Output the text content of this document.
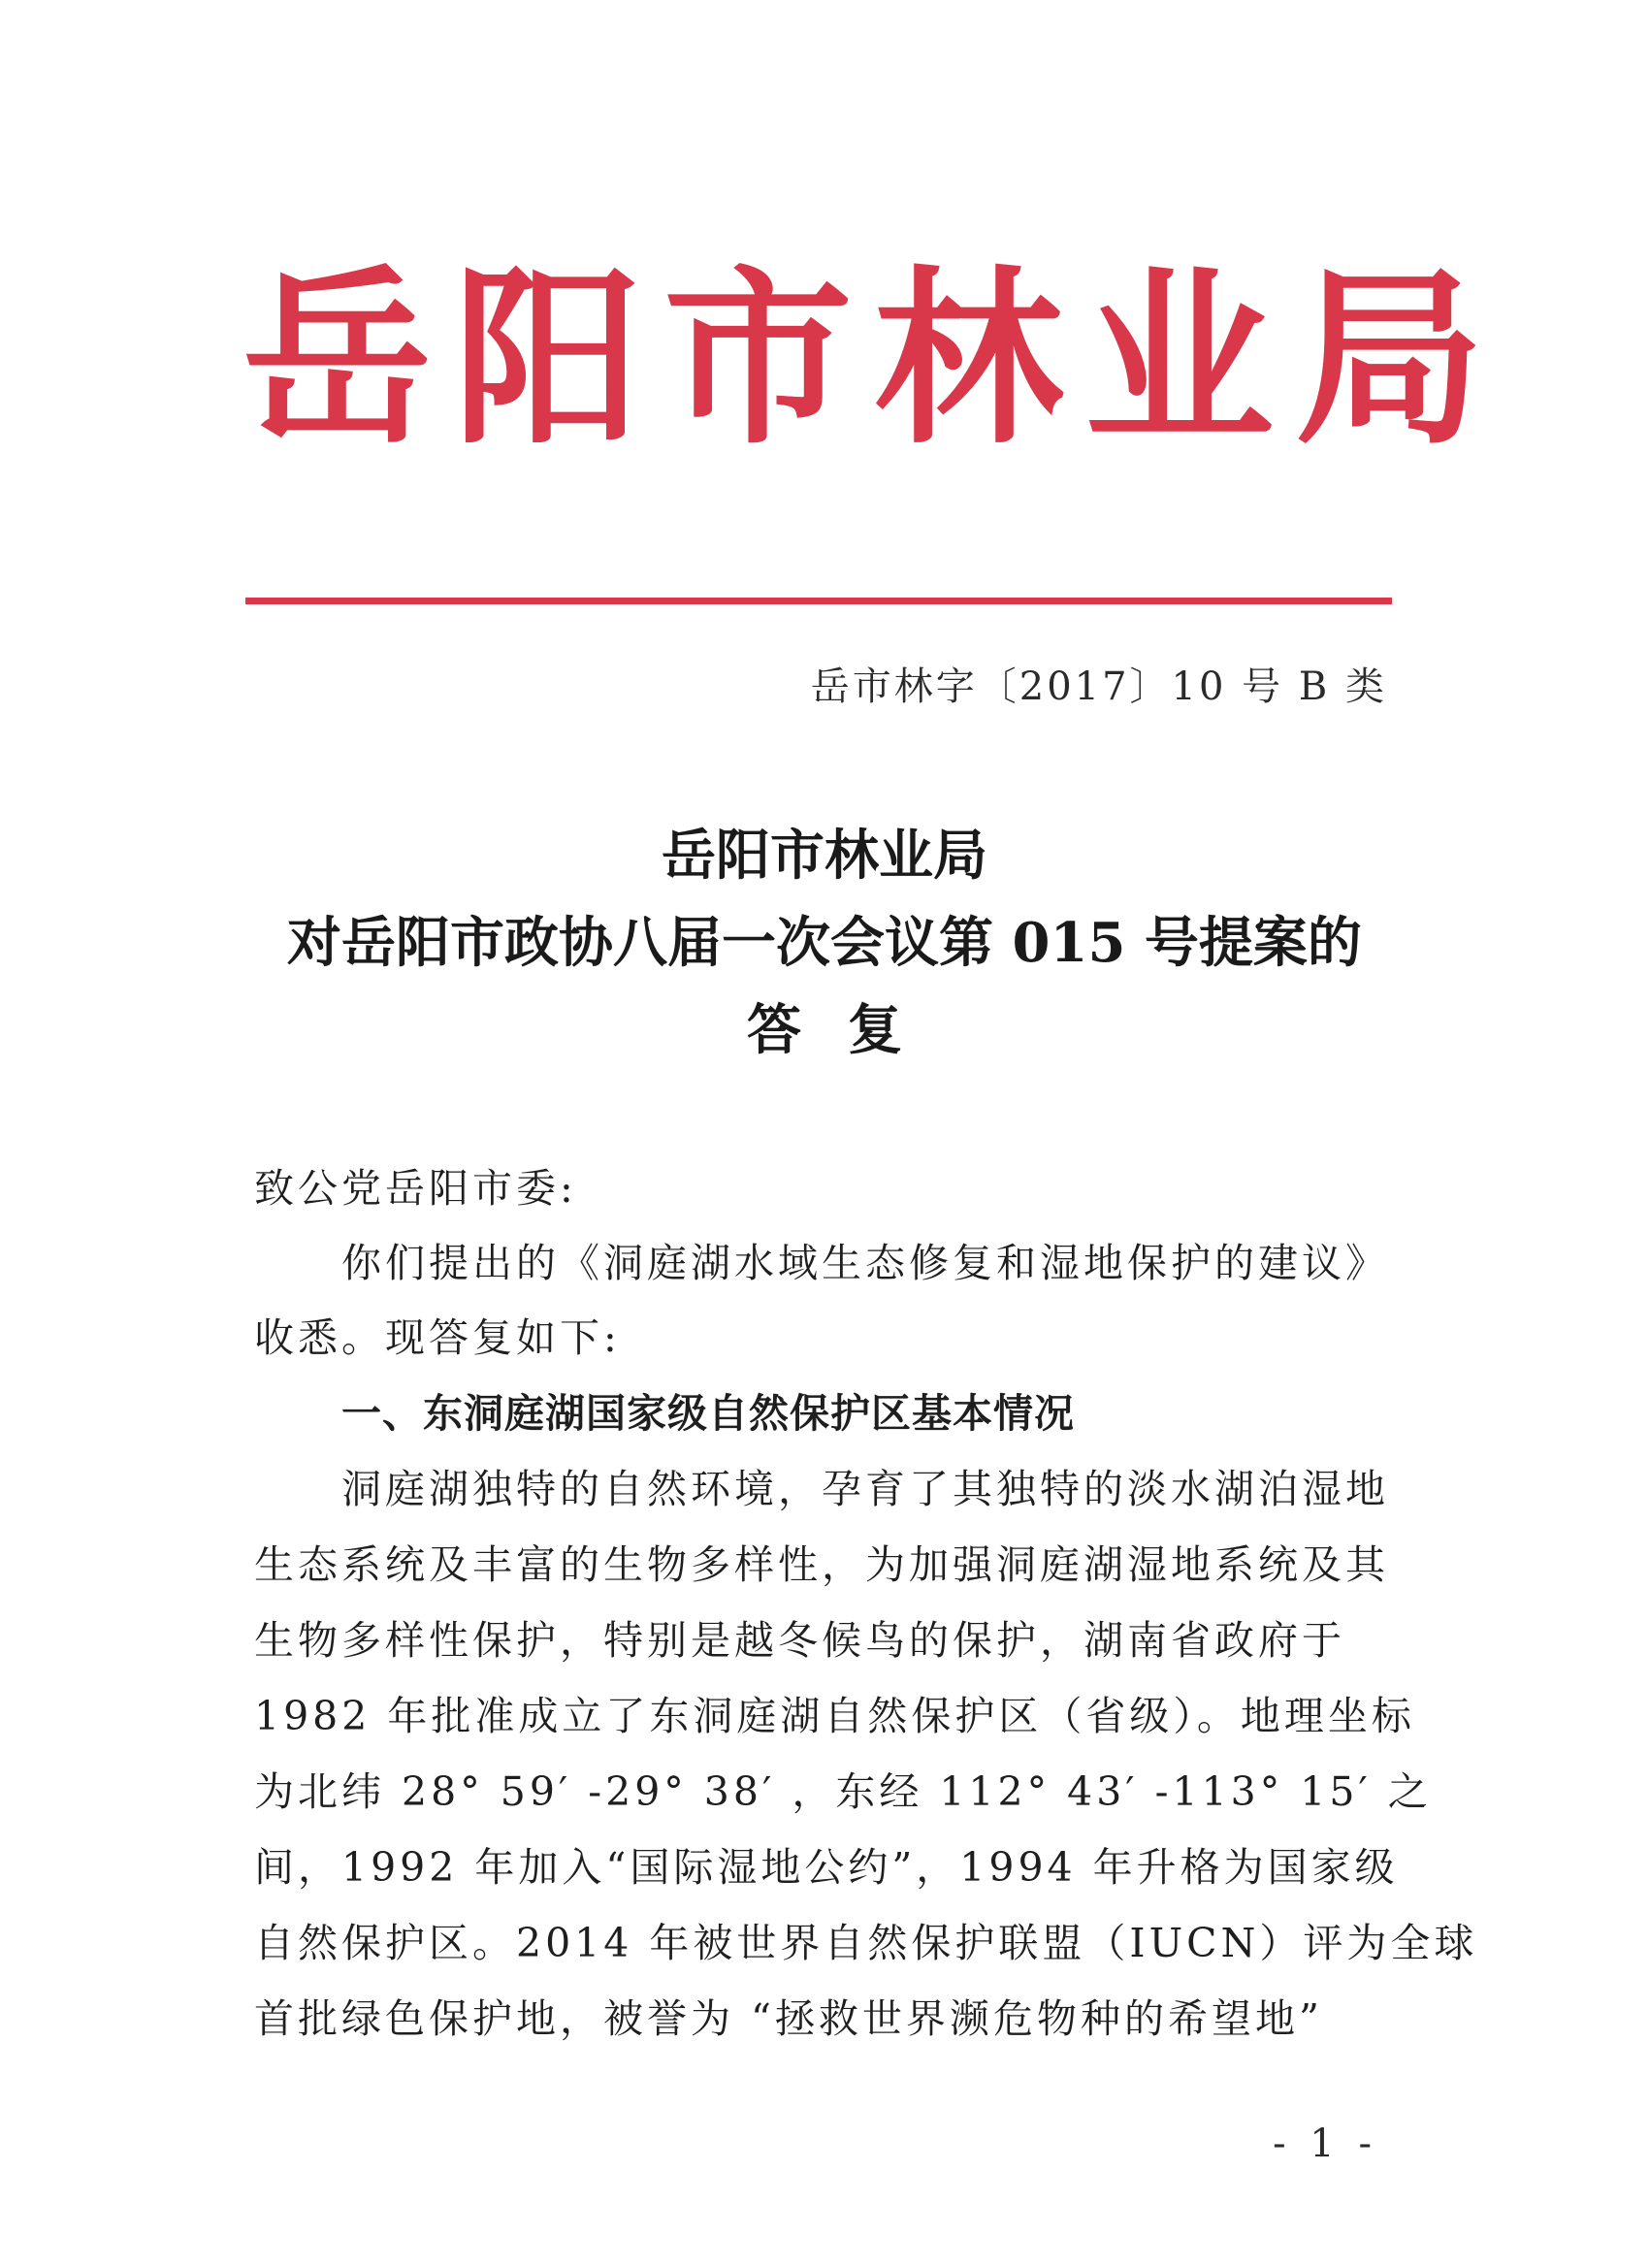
岳阳市林业局
岳市林字〔2017〕10 号 B 类
岳阳市林业局
对岳阳市政协八届一次会议第 015 号提案的
答复
致公党岳阳市委:
你们提出的《洞庭湖水域生态修复和湿地保护的建议》
收悉。现答复如下:
一、东洞庭湖国家级自然保护区基本情况
洞庭湖独特的自然环境，孕育了其独特的淡水湖泊湿地
生态系统及丰富的生物多样性，为加强洞庭湖湿地系统及其
生物多样性保护，特别是越冬候鸟的保护，湖南省政府于
1982 年批准成立了东洞庭湖自然保护区（省级）。地理坐标
为北纬 28° 59′ -29° 38′ ，东经 112° 43′ -113° 15′ 之
间，1992 年加入“国际湿地公约”，1994 年升格为国家级
自然保护区。2014 年被世界自然保护联盟（IUCN）评为全球
首批绿色保护地，被誉为 “拯救世界濒危物种的希望地”
- 1 -
